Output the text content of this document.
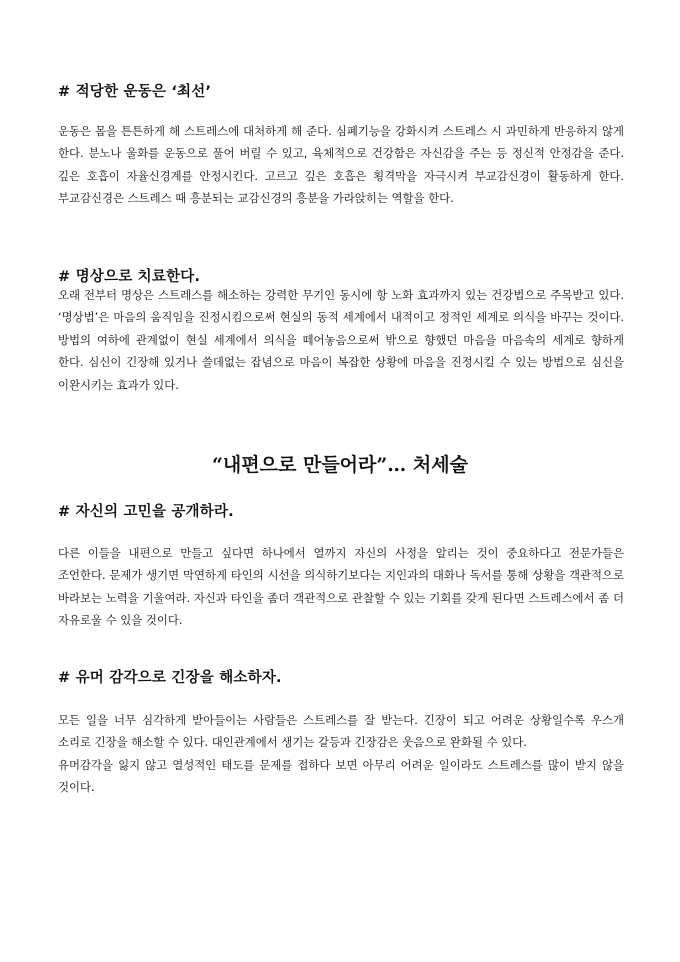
# 적당한 운동은 ‘최선’

운동은 몸을 튼튼하게 해 스트레스에 대처하게 해 준다. 심폐기능을 강화시켜 스트레스 시 과민하게 반응하지 않게 한다. 분노나 울화를 운동으로 풀어 버릴 수 있고, 육체적으로 건강함은 자신감을 주는 등 정신적 안정감을 준다. 깊은 호흡이 자율신경계를 안정시킨다. 고르고 깊은 호흡은 횡격막을 자극시켜 부교감신경이 활동하게 한다. 부교감신경은 스트레스 때 흥분되는 교감신경의 흥분을 가라앉히는 역할을 한다.

# 명상으로 치료한다.

오래 전부터 명상은 스트레스를 해소하는 강력한 무기인 동시에 항 노화 효과까지 있는 건강법으로 주목받고 있다. ‘명상법’은 마음의 움직임을 진정시킴으로써 현실의 동적 세계에서 내적이고 정적인 세계로 의식을 바꾸는 것이다. 방법의 여하에 관계없이 현실 세계에서 의식을 떼어놓음으로써 밖으로 향했던 마음을 마음속의 세계로 향하게 한다. 심신이 긴장해 있거나 쓸데없는 잡념으로 마음이 복잡한 상황에 마음을 진정시킬 수 있는 방법으로 심신을 이완시키는 효과가 있다.

“내편으로 만들어라”… 처세술
# 자신의 고민을 공개하라.

다른 이들을 내편으로 만들고 싶다면 하나에서 열까지 자신의 사정을 알리는 것이 중요하다고 전문가들은 조언한다. 문제가 생기면 막연하게 타인의 시선을 의식하기보다는 지인과의 대화나 독서를 통해 상황을 객관적으로 바라보는 노력을 기울여라. 자신과 타인을 좀더 객관적으로 관찰할 수 있는 기회를 갖게 된다면 스트레스에서 좀 더 자유로울 수 있을 것이다.

# 유머 감각으로 긴장을 해소하자.

모든 일을 너무 심각하게 받아들이는 사람들은 스트레스를 잘 받는다. 긴장이 되고 어려운 상황일수록 우스개 소리로 긴장을 해소할 수 있다. 대인관계에서 생기는 갈등과 긴장감은 웃음으로 완화될 수 있다.

유머감각을 잃지 않고 열성적인 태도를 문제를 접하다 보면 아무리 어려운 일이라도 스트레스를 많이 받지 않을 것이다.
